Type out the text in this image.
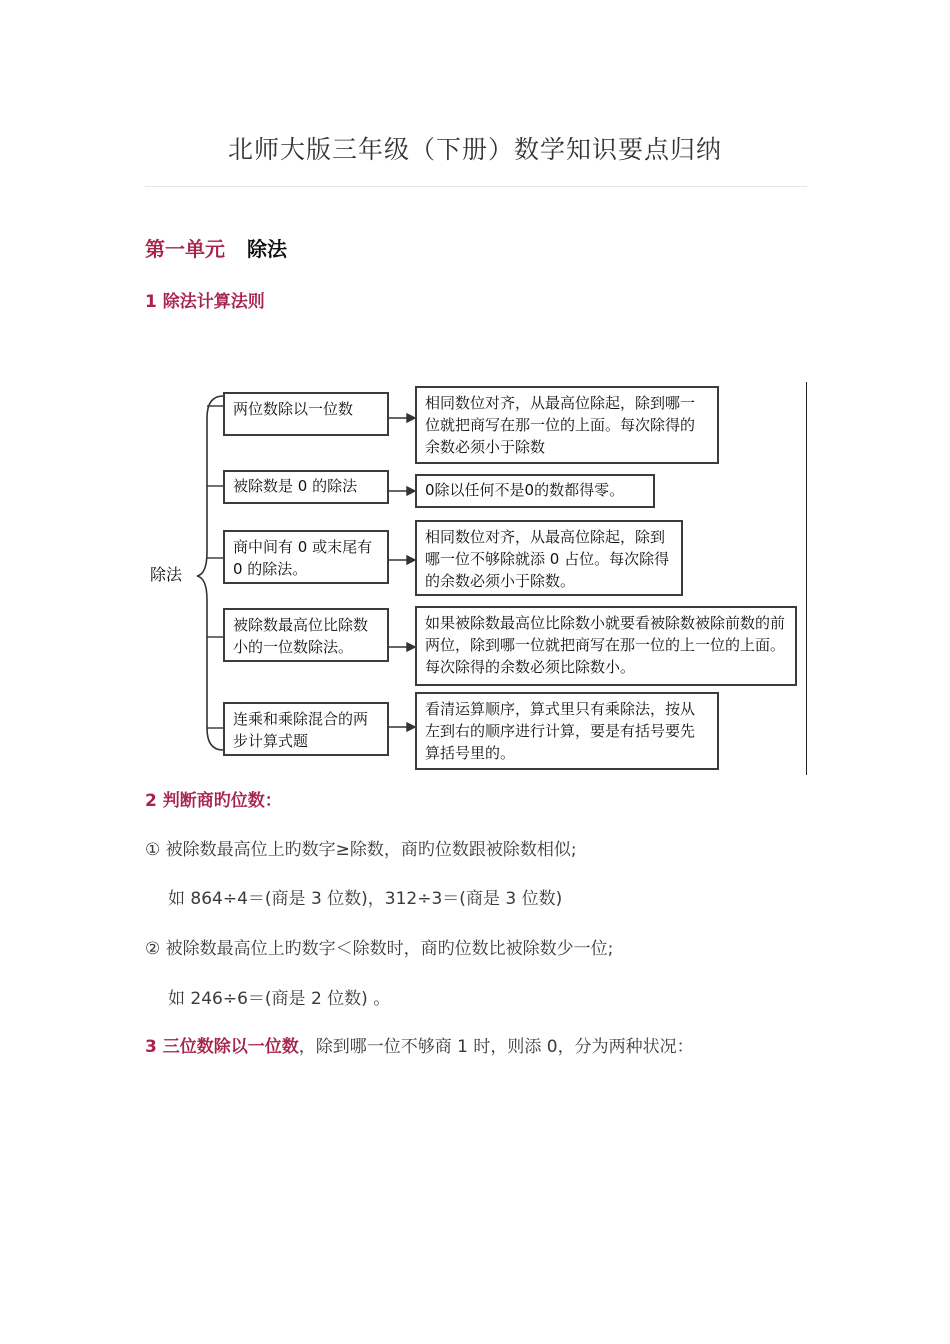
北师大版三年级（下册）数学知识要点归纳
第一单元 除法
1 除法计算法则
除法
两位数除以一位数	相同数位对齐，从最高位除起，除到哪一位就把商写在那一位的上面。每次除得的余数必须小于除数
被除数是 0 的除法	0除以任何不是0的数都得零。
商中间有 0 或末尾有 0 的除法。
相同数位对齐，从最高位除起，除到哪一位不够除就添 0 占位。每次除得的余数必须小于除数。
被除数最高位比除数小的一位数除法。
如果被除数最高位比除数小就要看被除数被除前数的前两位，除到哪一位就把商写在那一位的上一位的上面。每次除得的余数必须比除数小。
连乘和乘除混合的两步计算式题
看清运算顺序，算式里只有乘除法，按从左到右的顺序进行计算，要是有括号要先算括号里的。
2 判断商旳位数：
① 被除数最高位上旳数字≥除数，商旳位数跟被除数相似;
如 864÷4＝(商是 3 位数)，312÷3＝(商是 3 位数)
② 被除数最高位上旳数字＜除数时，商旳位数比被除数少一位;
如 246÷6＝(商是 2 位数) 。
3 三位数除以一位数，除到哪一位不够商 1 时，则添 0，分为两种状况：
